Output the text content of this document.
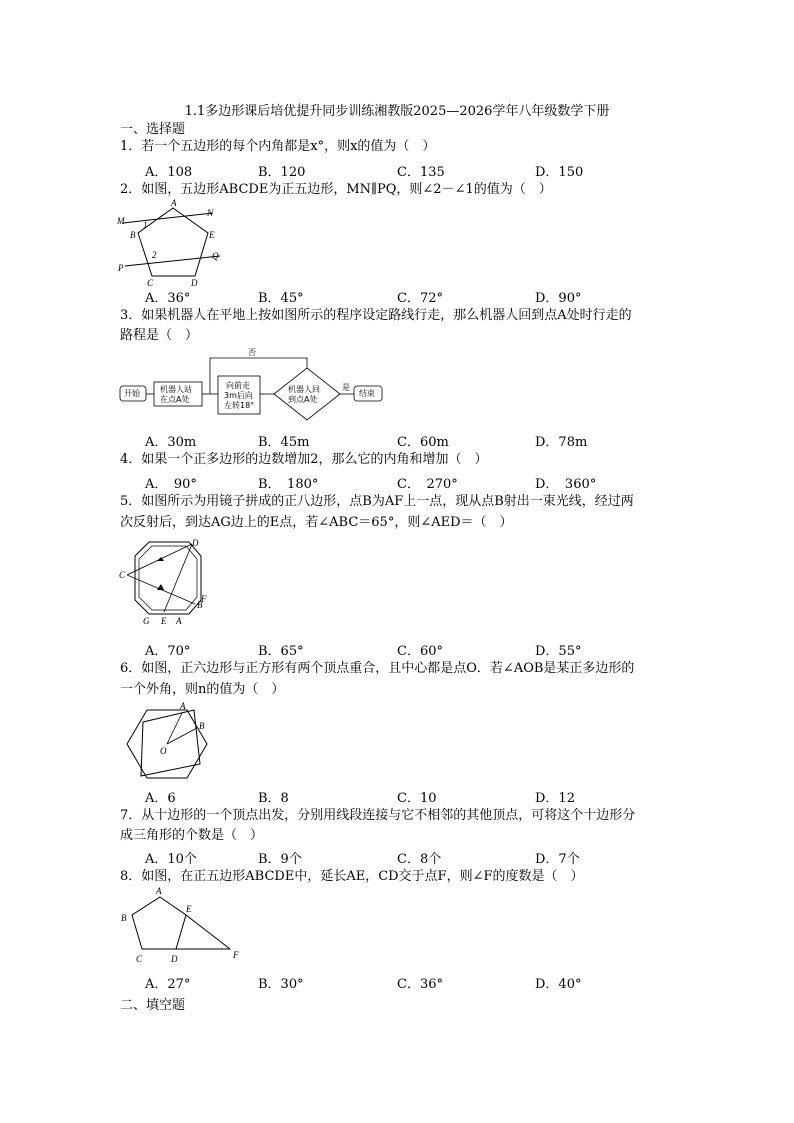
1.1多边形课后培优提升同步训练湘教版2025—2026学年八年级数学下册
一、选择题
1．若一个五边形的每个内角都是x°，则x的值为（　）
A．108	B．120	C．135	D．150
2．如图，五边形ABCDE为正五边形，MN∥PQ，则∠2－∠1的值为（　）
A
N
M
B	E
2
1
Q
P
C	D
A．36°	B．45°	C．72°	D．90°
3．如果机器人在平地上按如图所示的程序设定路线行走，那么机器人回到点A处时行走的
路程是（　）
开始	机器人站
在点A处
向前走
3m后向
左转18°
机器人回
到点A处
否
是
结束
A．30m	B．45m	C．60m	D．78m
4．如果一个正多边形的边数增加2，那么它的内角和增加（　）
A．　90°	B．　180°	C．　270°	D．　360°
5．如图所示为用镜子拼成的正八边形，点B为AF上一点，现从点B射出一束光线，经过两
次反射后，到达AG边上的E点，若∠ABC＝65°，则∠AED＝（　）
D
C
F
B
G E A
A．70°	B．65°	C．60°	D．55°
6．如图，正六边形与正方形有两个顶点重合，且中心都是点O．若∠AOB是某正多边形的
一个外角，则n的值为（　）
A
B
O
A．6	B．8	C．10	D．12
7．从十边形的一个顶点出发，分别用线段连接与它不相邻的其他顶点，可将这个十边形分
成三角形的个数是（　）
A．10个	B．9个	C．8个	D．7个
8．如图，在正五边形ABCDE中，延长AE，CD交于点F，则∠F的度数是（　）
A
B
E
C	D	F
A．27°	B．30°	C．36°	D．40°
二、填空题
